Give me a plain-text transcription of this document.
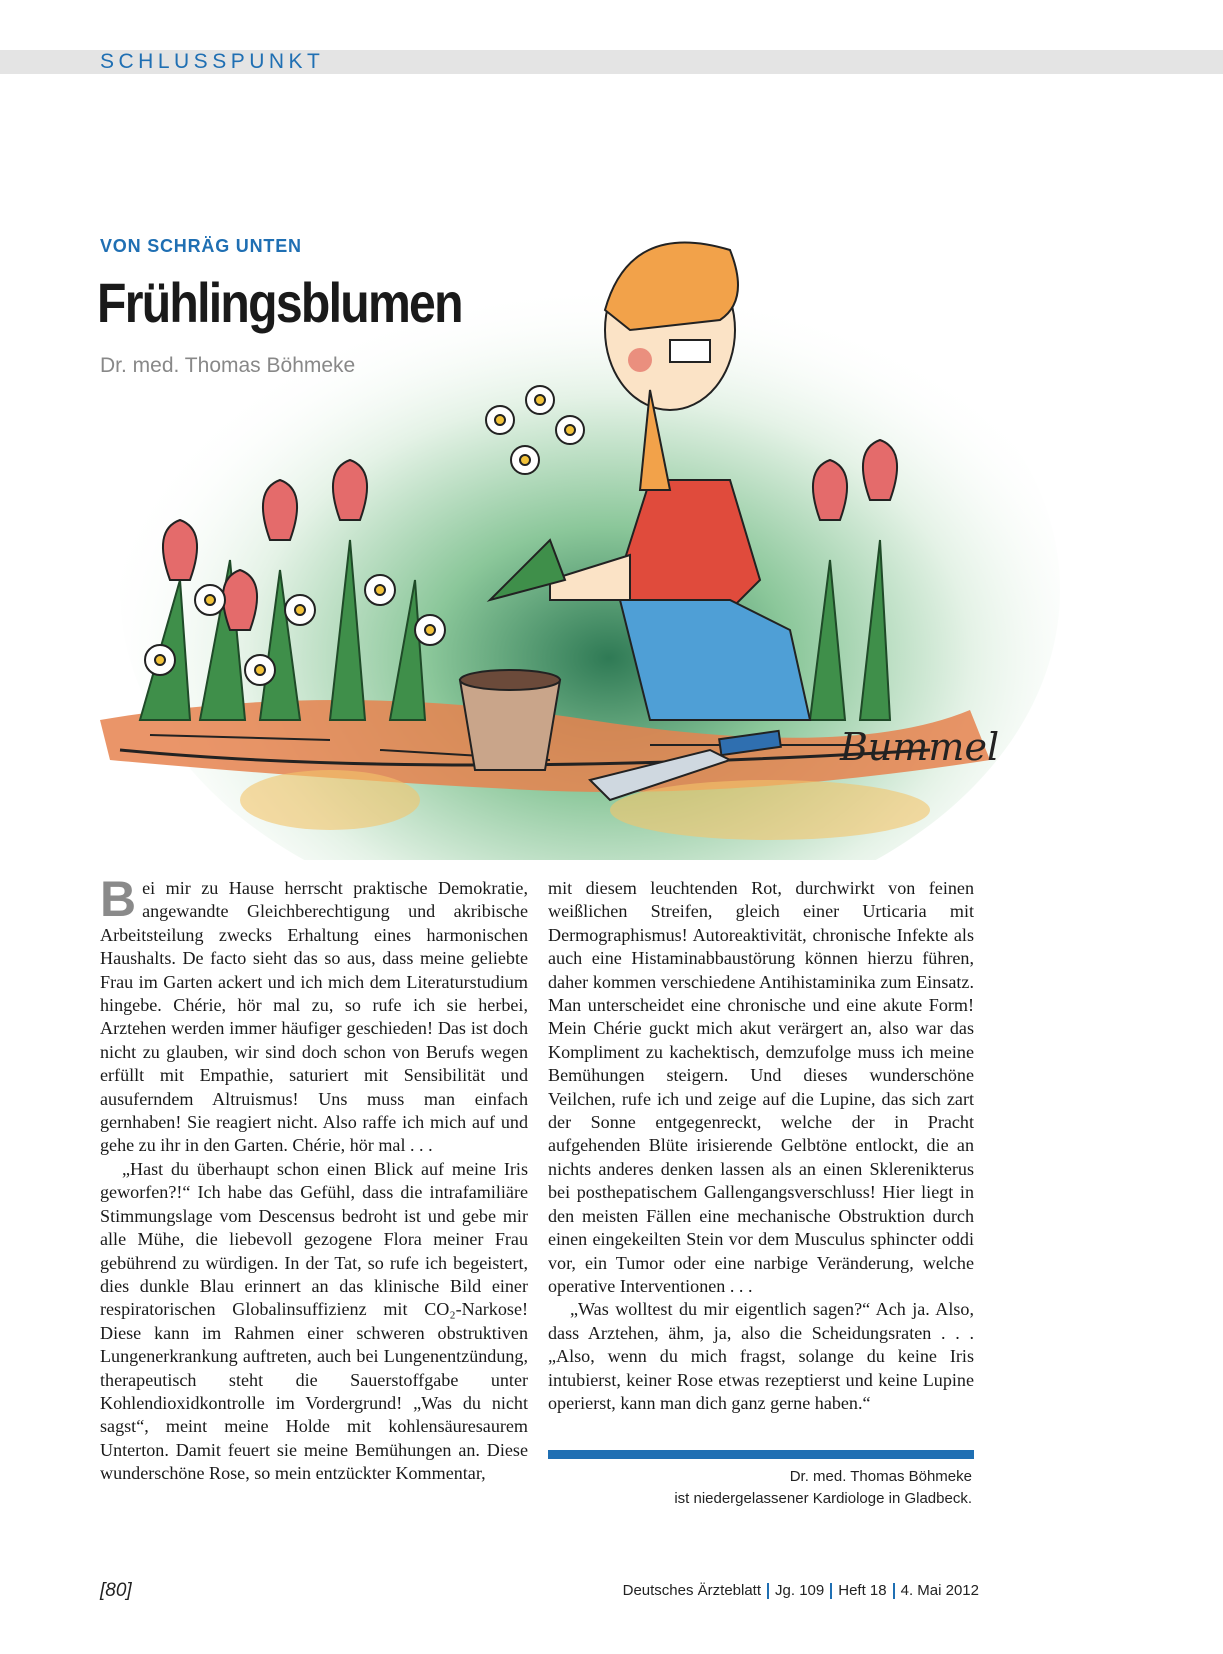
SCHLUSSPUNKT
Bummel
VON SCHRÄG UNTEN
Frühlingsblumen
Dr. med. Thomas Böhmeke

Bei mir zu Hause herrscht praktische Demokratie, angewandte Gleichberechtigung und akribische Arbeitsteilung zwecks Erhaltung eines harmonischen Haushalts. De facto sieht das so aus, dass meine geliebte Frau im Garten ackert und ich mich dem Literaturstudium hingebe. Chérie, hör mal zu, so rufe ich sie herbei, Arztehen werden immer häufiger geschieden! Das ist doch nicht zu glauben, wir sind doch schon von Berufs wegen erfüllt mit Empathie, saturiert mit Sensibilität und ausuferndem Altruismus! Uns muss man einfach gernhaben! Sie reagiert nicht. Also raffe ich mich auf und gehe zu ihr in den Garten. Chérie, hör mal . . .

„Hast du überhaupt schon einen Blick auf meine Iris geworfen?!“ Ich habe das Gefühl, dass die intrafamiliäre Stimmungslage vom Descensus bedroht ist und gebe mir alle Mühe, die liebevoll gezogene Flora meiner Frau gebührend zu würdigen. In der Tat, so rufe ich begeistert, dies dunkle Blau erinnert an das klinische Bild einer respiratorischen Globalinsuffizienz mit CO₂-Narkose! Diese kann im Rahmen einer schweren obstruktiven Lungenerkrankung auftreten, auch bei Lungenentzündung, therapeutisch steht die Sauerstoffgabe unter Kohlendioxidkontrolle im Vordergrund! „Was du nicht sagst“, meint meine Holde mit kohlensäuresaurem Unterton. Damit feuert sie meine Bemühungen an. Diese wunderschöne Rose, so mein entzückter Kommentar,

mit diesem leuchtenden Rot, durchwirkt von feinen weißlichen Streifen, gleich einer Urticaria mit Dermographismus! Autoreaktivität, chronische Infekte als auch eine Histaminabbaustörung können hierzu führen, daher kommen verschiedene Antihistaminika zum Einsatz. Man unterscheidet eine chronische und eine akute Form! Mein Chérie guckt mich akut verärgert an, also war das Kompliment zu kachektisch, demzufolge muss ich meine Bemühungen steigern. Und dieses wunderschöne Veilchen, rufe ich und zeige auf die Lupine, das sich zart der Sonne entgegenreckt, welche der in Pracht aufgehenden Blüte irisierende Gelbtöne entlockt, die an nichts anderes denken lassen als an einen Sklerenikterus bei posthepatischem Gallengangsverschluss! Hier liegt in den meisten Fällen eine mechanische Obstruktion durch einen eingekeilten Stein vor dem Musculus sphincter oddi vor, ein Tumor oder eine narbige Veränderung, welche operative Interventionen . . .

„Was wolltest du mir eigentlich sagen?“ Ach ja. Also, dass Arztehen, ähm, ja, also die Scheidungsraten . . . „Also, wenn du mich fragst, solange du keine Iris intubierst, keiner Rose etwas rezeptierst und keine Lupine operierst, kann man dich ganz gerne haben.“

Dr. med. Thomas Böhmeke
ist niedergelassener Kardiologe in Gladbeck.
[80]	Deutsches Ärzteblatt Jg. 109 Heft 18 4. Mai 2012
